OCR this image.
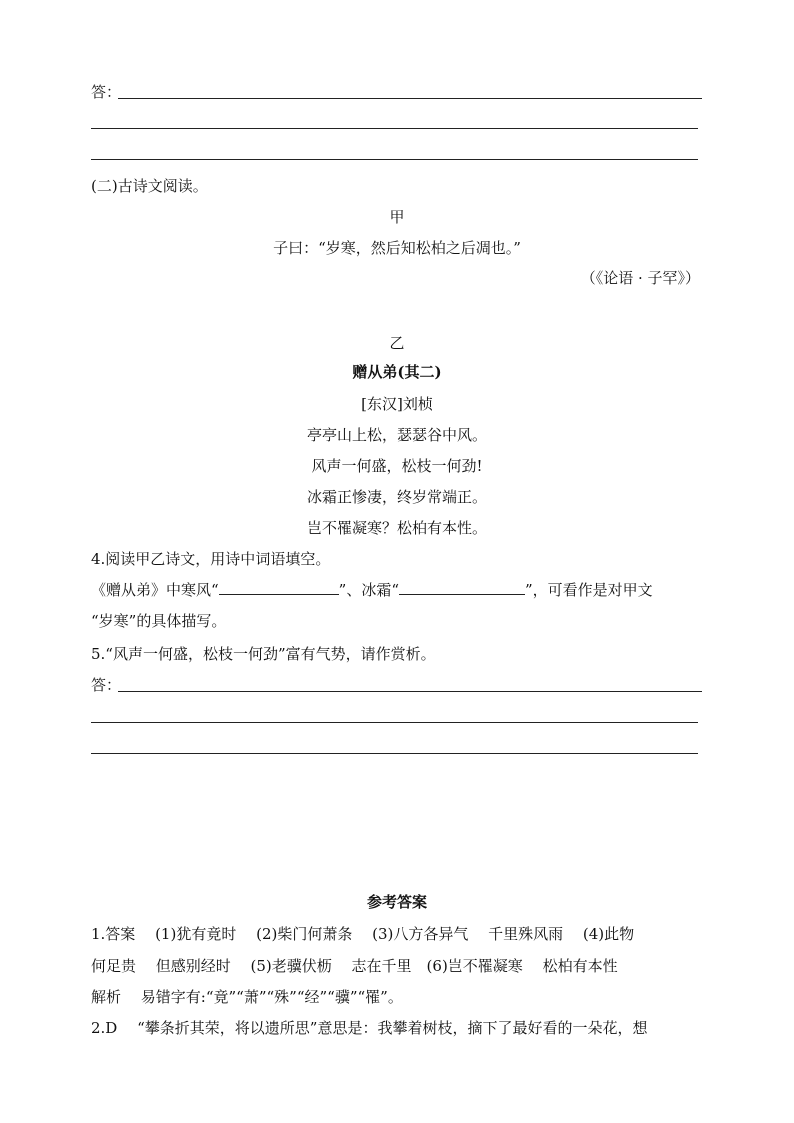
答：
(二)古诗文阅读。
甲
子曰：“岁寒，然后知松柏之后凋也。”
（《论语 · 子罕》）
乙
赠从弟(其二)
[东汉]刘桢
亭亭山上松，瑟瑟谷中风。
风声一何盛，松枝一何劲!
冰霜正惨凄，终岁常端正。
岂不罹凝寒？松柏有本性。
4.阅读甲乙诗文，用诗中词语填空。
《赠从弟》中寒风“	”、冰霜“	”，可看作是对甲文
“岁寒”的具体描写。
5.“风声一何盛，松枝一何劲”富有气势，请作赏析。
答：
参考答案
1.答案　 (1)犹有竟时　 (2)柴门何萧条　 (3)八方各异气　 千里殊风雨　 (4)此物
何足贵　 但感别经时　 (5)老骥伏枥　 志在千里　(6)岂不罹凝寒　 松柏有本性
解析　 易错字有:“竟”“萧”“殊”“经”“骥”“罹”。
2.D　 “攀条折其荣，将以遗所思”意思是：我攀着树枝，摘下了最好看的一朵花，想
